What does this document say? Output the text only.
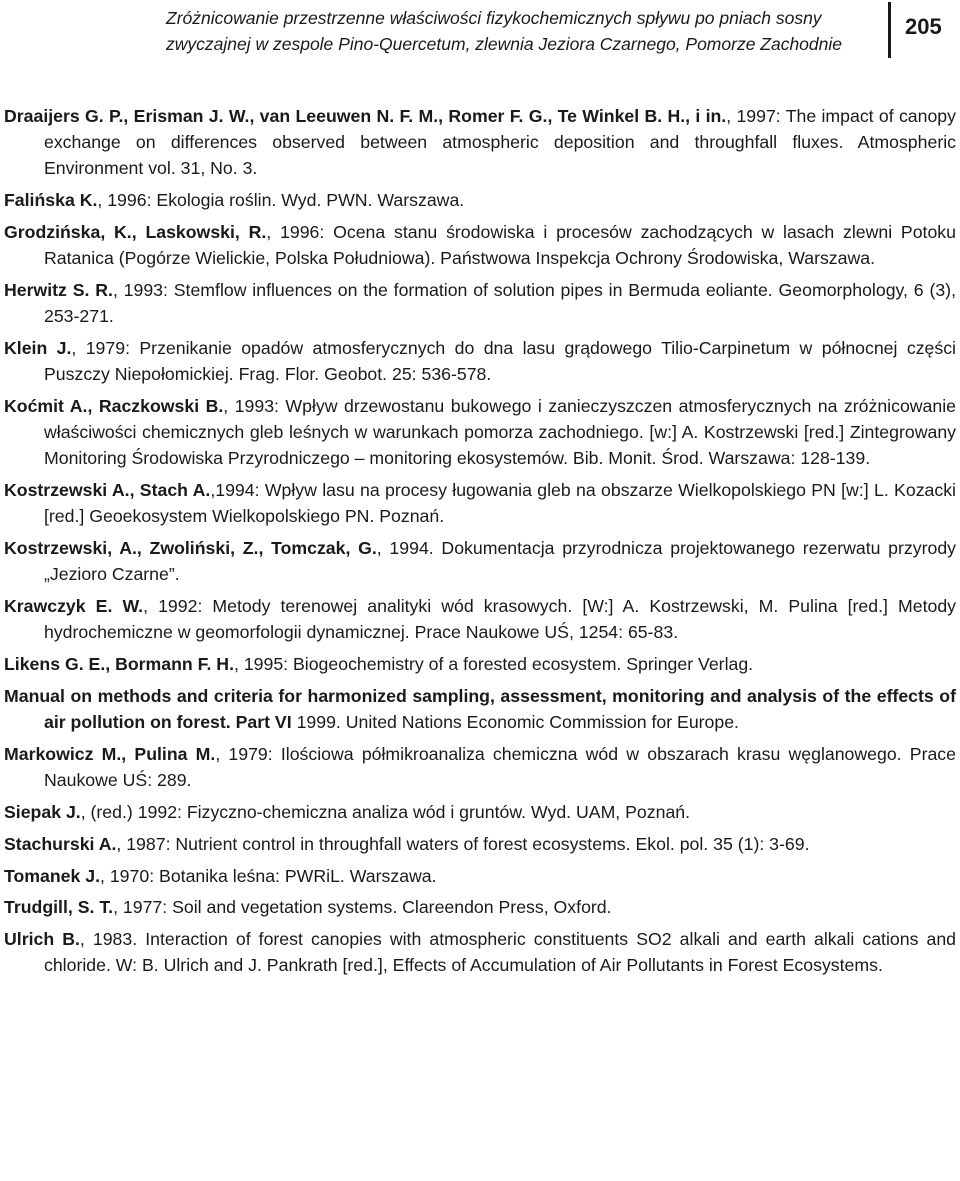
Zróżnicowanie przestrzenne właściwości fizykochemicznych spływu po pniach sosny
zwyczajnej w zespole Pino-Quercetum, zlewnia Jeziora Czarnego, Pomorze Zachodnie
205
Draaijers G. P., Erisman J. W., van Leeuwen N. F. M., Romer F. G., Te Winkel B. H., i in., 1997: The impact of canopy exchange on differences observed between atmospheric deposition and throughfall fluxes. Atmospheric Environment vol. 31, No. 3.
Falińska K., 1996: Ekologia roślin. Wyd. PWN. Warszawa.
Grodzińska, K., Laskowski, R., 1996: Ocena stanu środowiska i procesów zachodzących w lasach zlewni Potoku Ratanica (Pogórze Wielickie, Polska Południowa). Państwowa Inspekcja Ochrony Środowiska, Warszawa.
Herwitz S. R., 1993: Stemflow influences on the formation of solution pipes in Bermuda eoliante. Geomorphology, 6 (3), 253-271.
Klein J., 1979: Przenikanie opadów atmosferycznych do dna lasu grądowego Tilio-Carpinetum w północnej części Puszczy Niepołomickiej. Frag. Flor. Geobot. 25: 536-578.
Koćmit A., Raczkowski B., 1993: Wpływ drzewostanu bukowego i zanieczyszczen atmosferycznych na zróżnicowanie właściwości chemicznych gleb leśnych w warunkach pomorza zachodniego. [w:] A. Kostrzewski [red.] Zintegrowany Monitoring Środowiska Przyrodniczego – monitoring ekosystemów. Bib. Monit. Środ. Warszawa: 128-139.
Kostrzewski A., Stach A.,1994: Wpływ lasu na procesy ługowania gleb na obszarze Wielkopolskiego PN [w:] L. Kozacki [red.] Geoekosystem Wielkopolskiego PN. Poznań.
Kostrzewski, A., Zwoliński, Z., Tomczak, G., 1994. Dokumentacja przyrodnicza projektowanego rezerwatu przyrody „Jezioro Czarne”.
Krawczyk E. W., 1992: Metody terenowej analityki wód krasowych. [W:] A. Kostrzewski, M. Pulina [red.] Metody hydrochemiczne w geomorfologii dynamicznej. Prace Naukowe UŚ, 1254: 65-83.
Likens G. E., Bormann F. H., 1995: Biogeochemistry of a forested ecosystem. Springer Verlag.
Manual on methods and criteria for harmonized sampling, assessment, monitoring and analysis of the effects of air pollution on forest. Part VI 1999. United Nations Economic Commission for Europe.
Markowicz M., Pulina M., 1979: Ilościowa półmikroanaliza chemiczna wód w obszarach krasu węglanowego. Prace Naukowe UŚ: 289.
Siepak J., (red.) 1992: Fizyczno-chemiczna analiza wód i gruntów. Wyd. UAM, Poznań.
Stachurski A., 1987: Nutrient control in throughfall waters of forest ecosystems. Ekol. pol. 35 (1): 3-69.
Tomanek J., 1970: Botanika leśna: PWRiL. Warszawa.
Trudgill, S. T., 1977: Soil and vegetation systems. Clareendon Press, Oxford.
Ulrich B., 1983. Interaction of forest canopies with atmospheric constituents SO2 alkali and earth alkali cations and chloride. W: B. Ulrich and J. Pankrath [red.], Effects of Accumulation of Air Pollutants in Forest Ecosystems.
